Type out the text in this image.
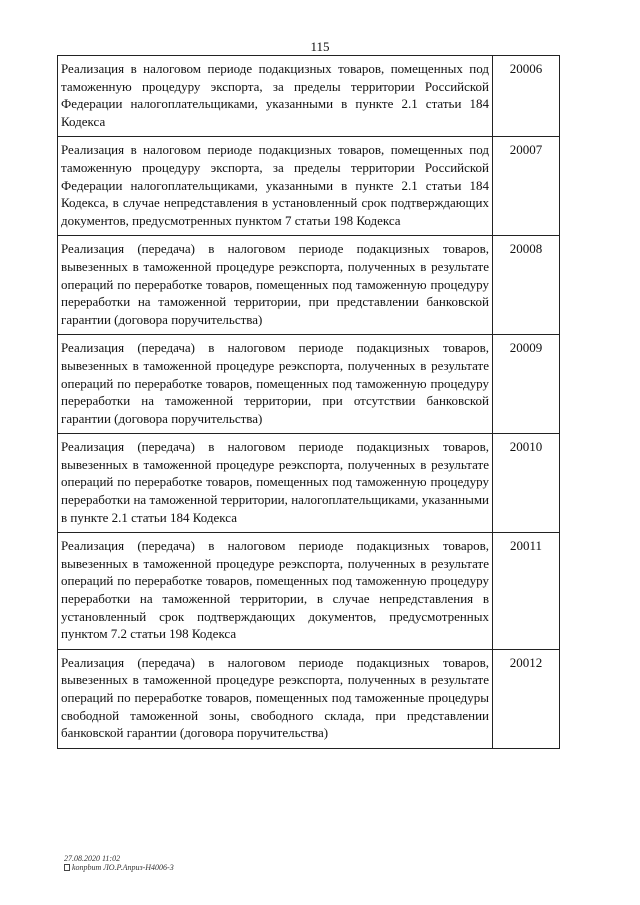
115
Реализация в налоговом периоде подакцизных товаров, помещенных под таможенную процедуру экспорта, за пределы территории Российской Федерации налогоплательщиками, указанными в пункте 2.1 статьи 184 Кодекса	20006
Реализация в налоговом периоде подакцизных товаров, помещенных под таможенную процедуру экспорта, за пределы территории Российской Федерации налогоплательщиками, указанными в пункте 2.1 статьи 184 Кодекса, в случае непредставления в установленный срок подтверждающих документов, предусмотренных пунктом 7 статьи 198 Кодекса	20007
Реализация (передача) в налоговом периоде подакцизных товаров, вывезенных в таможенной процедуре реэкспорта, полученных в результате операций по переработке товаров, помещенных под таможенную процедуру переработки на таможенной территории, при представлении банковской гарантии (договора поручительства)	20008
Реализация (передача) в налоговом периоде подакцизных товаров, вывезенных в таможенной процедуре реэкспорта, полученных в результате операций по переработке товаров, помещенных под таможенную процедуру переработки на таможенной территории, при отсутствии банковской гарантии (договора поручительства)	20009
Реализация (передача) в налоговом периоде подакцизных товаров, вывезенных в таможенной процедуре реэкспорта, полученных в результате операций по переработке товаров, помещенных под таможенную процедуру переработки на таможенной территории, налогоплательщиками, указанными в пункте 2.1 статьи 184 Кодекса	20010
Реализация (передача) в налоговом периоде подакцизных товаров, вывезенных в таможенной процедуре реэкспорта, полученных в результате операций по переработке товаров, помещенных под таможенную процедуру переработки на таможенной территории, в случае непредставления в установленный срок подтверждающих документов, предусмотренных пунктом 7.2 статьи 198 Кодекса	20011
Реализация (передача) в налоговом периоде подакцизных товаров, вывезенных в таможенной процедуре реэкспорта, полученных в результате операций по переработке товаров, помещенных под таможенные процедуры свободной таможенной зоны, свободного склада, при представлении банковской гарантии (договора поручительства)	20012
27.08.2020 11:02
konpbum ЛО.Р.Априз-Н4006-3
